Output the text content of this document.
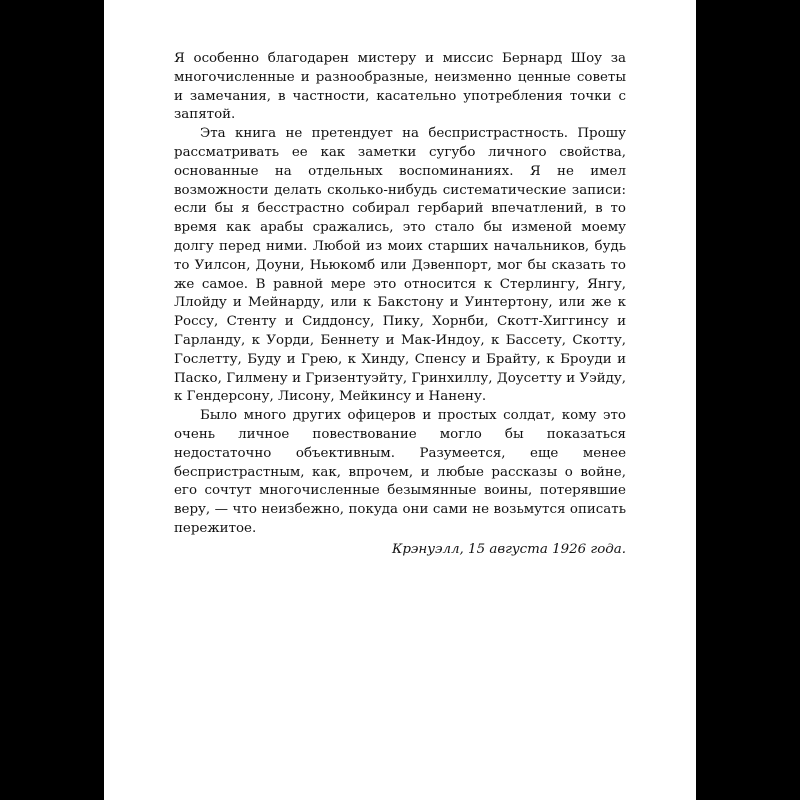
Я особенно благодарен мистеру и миссис Бернард Шоу за многочисленные и разнообразные, неизменно ценные советы и замечания, в частности, касательно употребления точки с запятой.

Эта книга не претендует на беспристрастность. Прошу рассматривать ее как заметки сугубо личного свойства, основанные на отдельных воспоминаниях. Я не имел возможности делать сколько-нибудь систематические записи: если бы я бесстрастно собирал гербарий впечатлений, в то время как арабы сражались, это стало бы изменой моему долгу перед ними. Любой из моих старших начальников, будь то Уилсон, Доуни, Ньюкомб или Дэвенпорт, мог бы сказать то же самое. В равной мере это относится к Стерлингу, Янгу, Ллойду и Мейнарду, или к Бакстону и Уинтертону, или же к Россу, Стенту и Сиддонсу, Пику, Хорнби, Скотт-Хиггинсу и Гарланду, к Уорди, Беннету и Мак-Индоу, к Бассету, Скотту, Гослетту, Буду и Грею, к Хинду, Спенсу и Брайту, к Броуди и Паско, Гилмену и Гризентуэйту, Гринхиллу, Доусетту и Уэйду, к Гендерсону, Лисону, Мейкинсу и Нанену.

Было много других офицеров и простых солдат, кому это очень личное повествование могло бы показаться недостаточно объективным. Разумеется, еще менее беспристрастным, как, впрочем, и любые рассказы о войне, его сочтут многочисленные безымянные воины, потерявшие веру, — что неизбежно, покуда они сами не возьмутся описать пережитое.

Крэнуэлл, 15 августа 1926 года.
